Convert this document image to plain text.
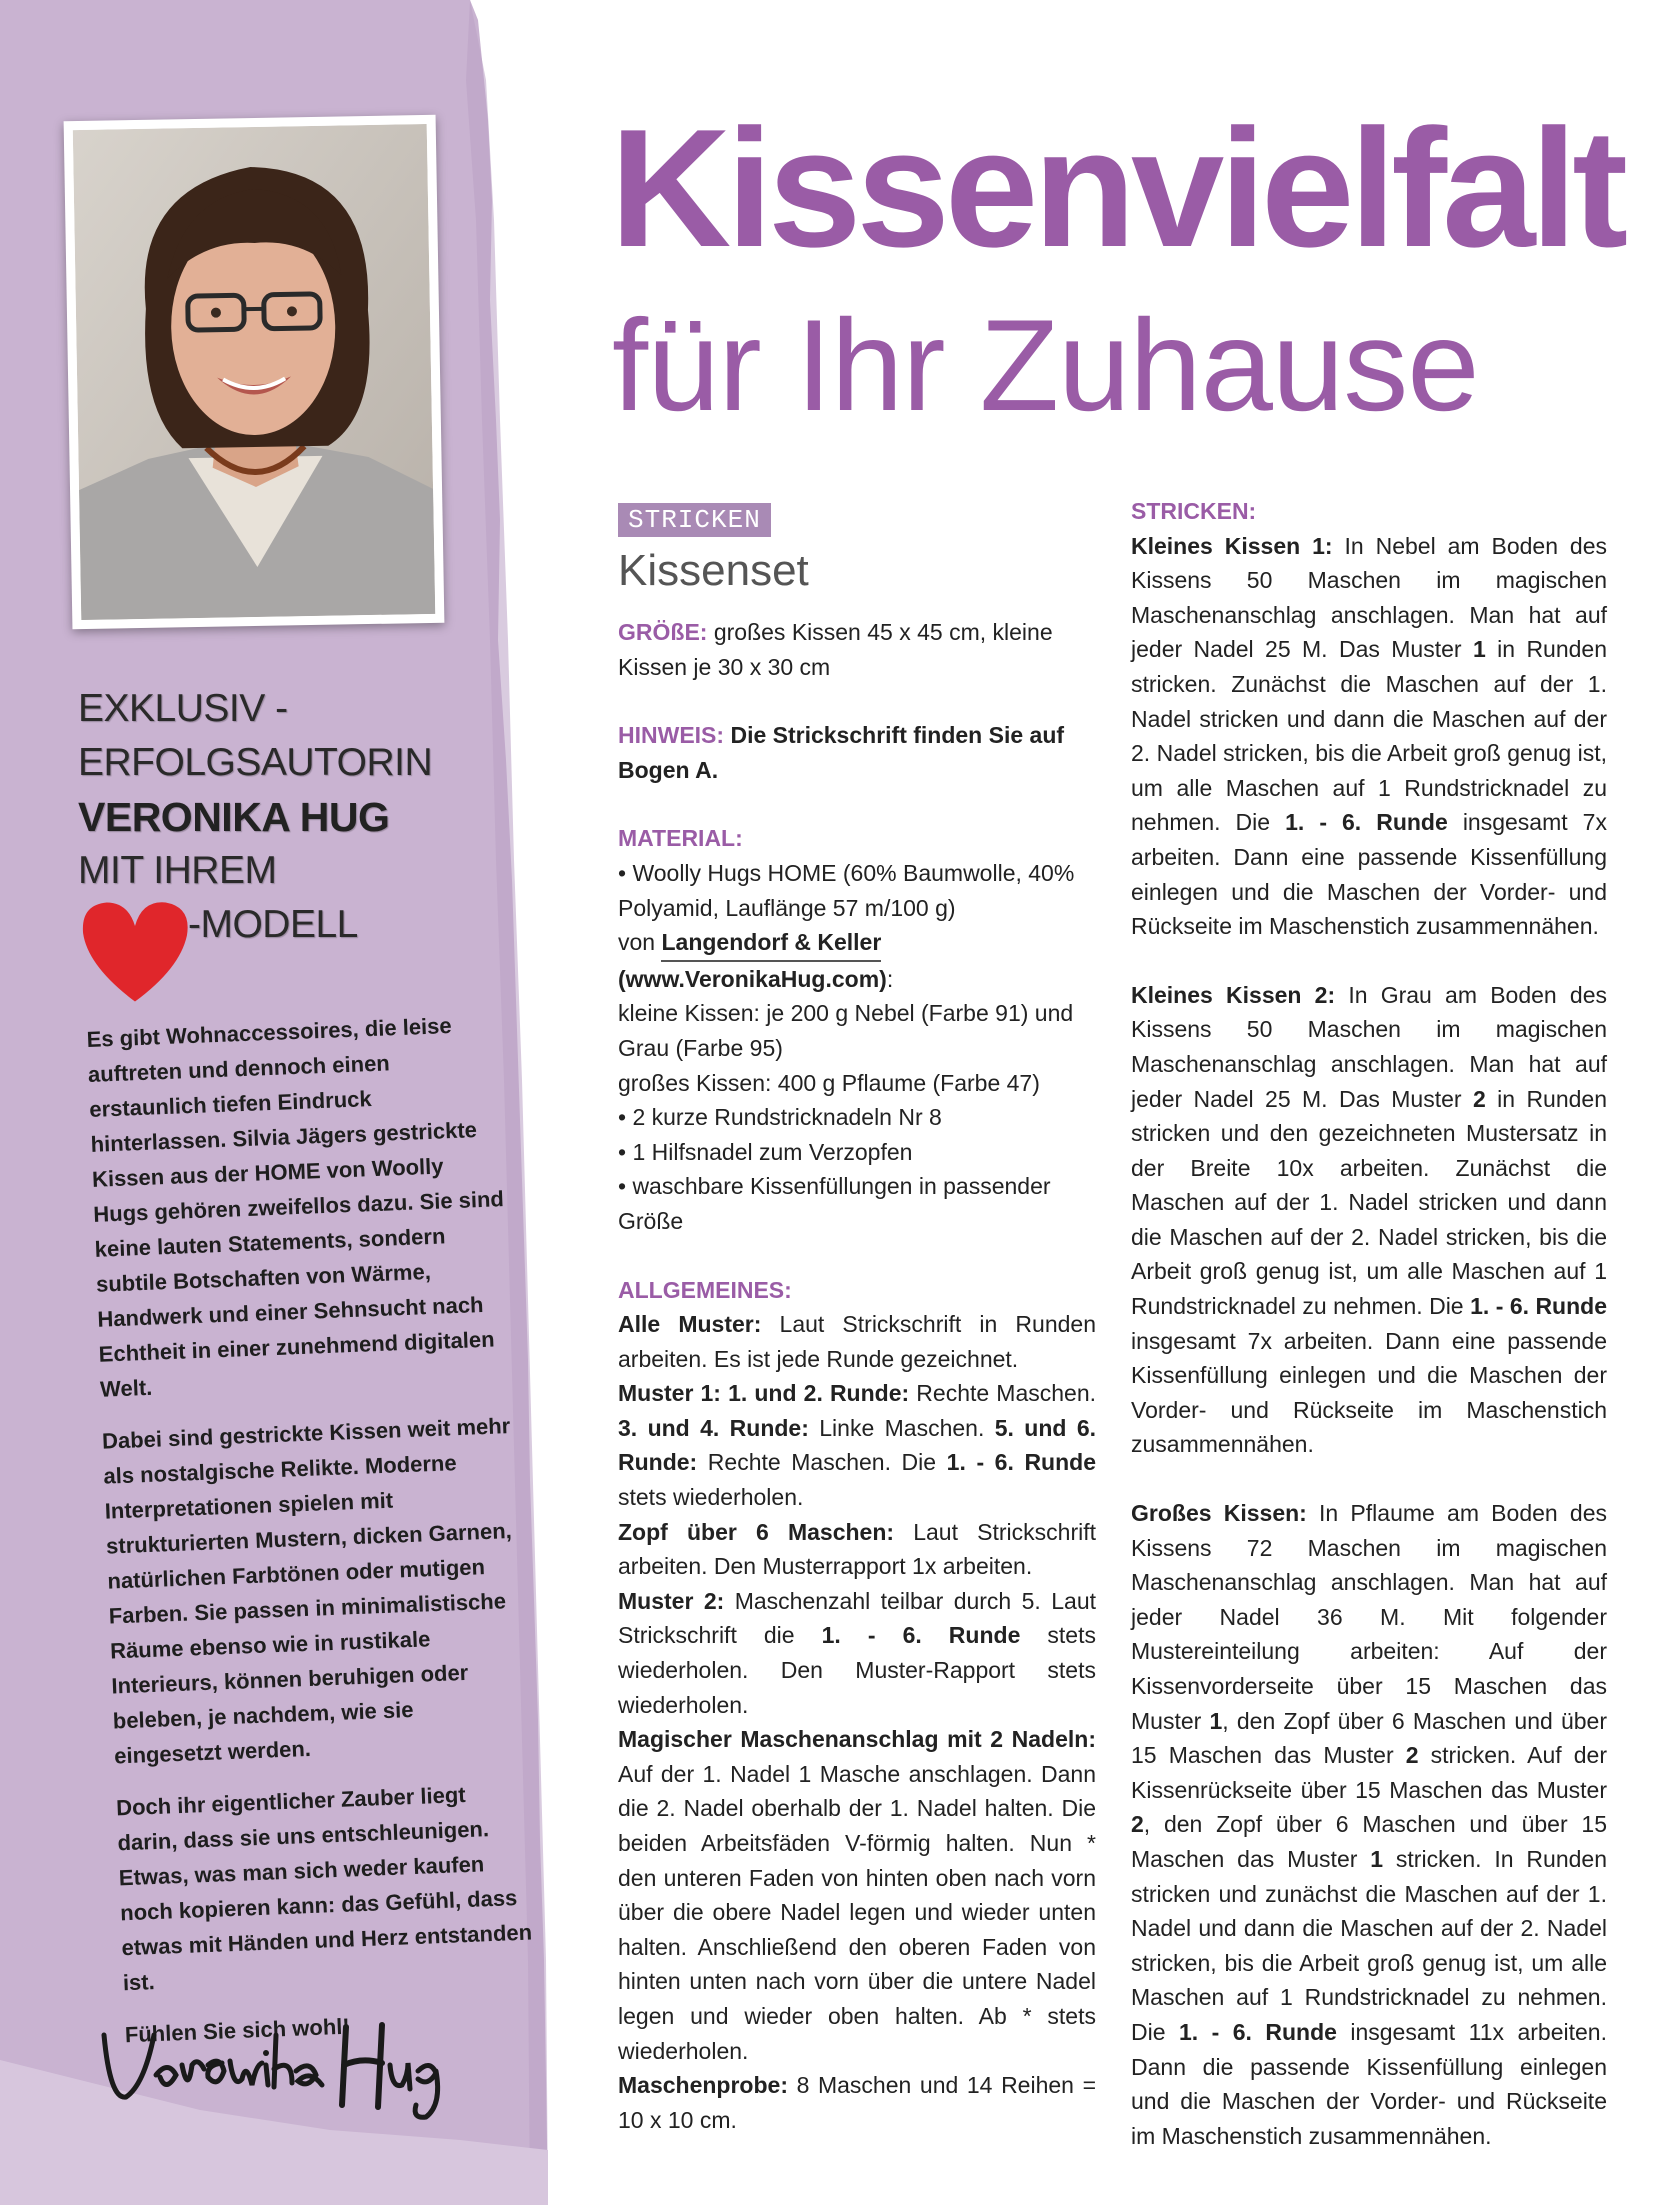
EXKLUSIV -
ERFOLGSAUTORIN
VERONIKA HUG
MIT IHREM
-MODELL

Es gibt Wohnaccessoires, die leise auftreten und dennoch einen erstaunlich tiefen Eindruck hinterlassen. Silvia Jägers gestrickte Kissen aus der HOME von Woolly Hugs gehören zweifellos dazu. Sie sind keine lauten Statements, sondern subtile Botschaften von Wärme, Handwerk und einer Sehnsucht nach Echtheit in einer zunehmend digitalen Welt.

Dabei sind gestrickte Kissen weit mehr als nostalgische Relikte. Moderne Interpretationen spielen mit strukturierten Mustern, dicken Garnen, natürlichen Farbtönen oder mutigen Farben. Sie passen in minimalistische Räume ebenso wie in rustikale Interieurs, können beruhigen oder beleben, je nachdem, wie sie eingesetzt werden.

Doch ihr eigentlicher Zauber liegt darin, dass sie uns entschleunigen. Etwas, was man sich weder kaufen noch kopieren kann: das Gefühl, dass etwas mit Händen und Herz entstanden ist.

Fühlen Sie sich wohl!

Kissenvielfalt
für Ihr Zuhause
STRICKEN
Kissenset

GRÖßE: großes Kissen 45 x 45 cm, kleine Kissen je 30 x 30 cm

HINWEIS: Die Strickschrift finden Sie auf Bogen A.

MATERIAL:

• Woolly Hugs HOME (60% Baumwolle, 40% Polyamid, Lauflänge 57 m/100 g)

von Langendorf & Keller

(www.VeronikaHug.com):

kleine Kissen: je 200 g Nebel (Farbe 91) und Grau (Farbe 95)

großes Kissen: 400 g Pflaume (Farbe 47)

• 2 kurze Rundstricknadeln Nr 8

• 1 Hilfsnadel zum Verzopfen

• waschbare Kissenfüllungen in passender Größe

ALLGEMEINES:

Alle Muster: Laut Strickschrift in Runden arbeiten. Es ist jede Runde gezeichnet.

Muster 1: 1. und 2. Runde: Rechte Maschen. 3. und 4. Runde: Linke Maschen. 5. und 6. Runde: Rechte Maschen. Die 1. - 6. Runde stets wiederholen.

Zopf über 6 Maschen: Laut Strickschrift arbeiten. Den Musterrapport 1x arbeiten.

Muster 2: Maschenzahl teilbar durch 5. Laut Strickschrift die 1. - 6. Runde stets wiederholen. Den Muster-Rapport stets wiederholen.

Magischer Maschenanschlag mit 2 Nadeln: Auf der 1. Nadel 1 Masche anschlagen. Dann die 2. Nadel oberhalb der 1. Nadel halten. Die beiden Arbeitsfäden V-förmig halten. Nun * den unteren Faden von hinten oben nach vorn über die obere Nadel legen und wieder unten halten. Anschließend den oberen Faden von hinten unten nach vorn über die untere Nadel legen und wieder oben halten. Ab * stets wiederholen.

Maschenprobe: 8 Maschen und 14 Reihen = 10 x 10 cm.

STRICKEN:

Kleines Kissen 1: In Nebel am Boden des Kissens 50 Maschen im magischen Maschenanschlag anschlagen. Man hat auf jeder Nadel 25 M. Das Muster 1 in Runden stricken. Zunächst die Maschen auf der 1. Nadel stricken und dann die Maschen auf der 2. Nadel stricken, bis die Arbeit groß genug ist, um alle Maschen auf 1 Rundstricknadel zu nehmen. Die 1. - 6. Runde insgesamt 7x arbeiten. Dann eine passende Kissenfüllung einlegen und die Maschen der Vorder- und Rückseite im Maschenstich zusammennähen.

Kleines Kissen 2: In Grau am Boden des Kissens 50 Maschen im magischen Maschenanschlag anschlagen. Man hat auf jeder Nadel 25 M. Das Muster 2 in Runden stricken und den gezeichneten Mustersatz in der Breite 10x arbeiten. Zunächst die Maschen auf der 1. Nadel stricken und dann die Maschen auf der 2. Nadel stricken, bis die Arbeit groß genug ist, um alle Maschen auf 1 Rundstricknadel zu nehmen. Die 1. - 6. Runde insgesamt 7x arbeiten. Dann eine passende Kissenfüllung einlegen und die Maschen der Vorder- und Rückseite im Maschenstich zusammennähen.

Großes Kissen: In Pflaume am Boden des Kissens 72 Maschen im magischen Maschenanschlag anschlagen. Man hat auf jeder Nadel 36 M. Mit folgender Mustereinteilung arbeiten: Auf der Kissenvorderseite über 15 Maschen das Muster 1, den Zopf über 6 Maschen und über 15 Maschen das Muster 2 stricken. Auf der Kissenrückseite über 15 Maschen das Muster 2, den Zopf über 6 Maschen und über 15 Maschen das Muster 1 stricken. In Runden stricken und zunächst die Maschen auf der 1. Nadel und dann die Maschen auf der 2. Nadel stricken, bis die Arbeit groß genug ist, um alle Maschen auf 1 Rundstricknadel zu nehmen. Die 1. - 6. Runde insgesamt 11x arbeiten. Dann die passende Kissenfüllung einlegen und die Maschen der Vorder- und Rückseite im Maschenstich zusammennähen.
